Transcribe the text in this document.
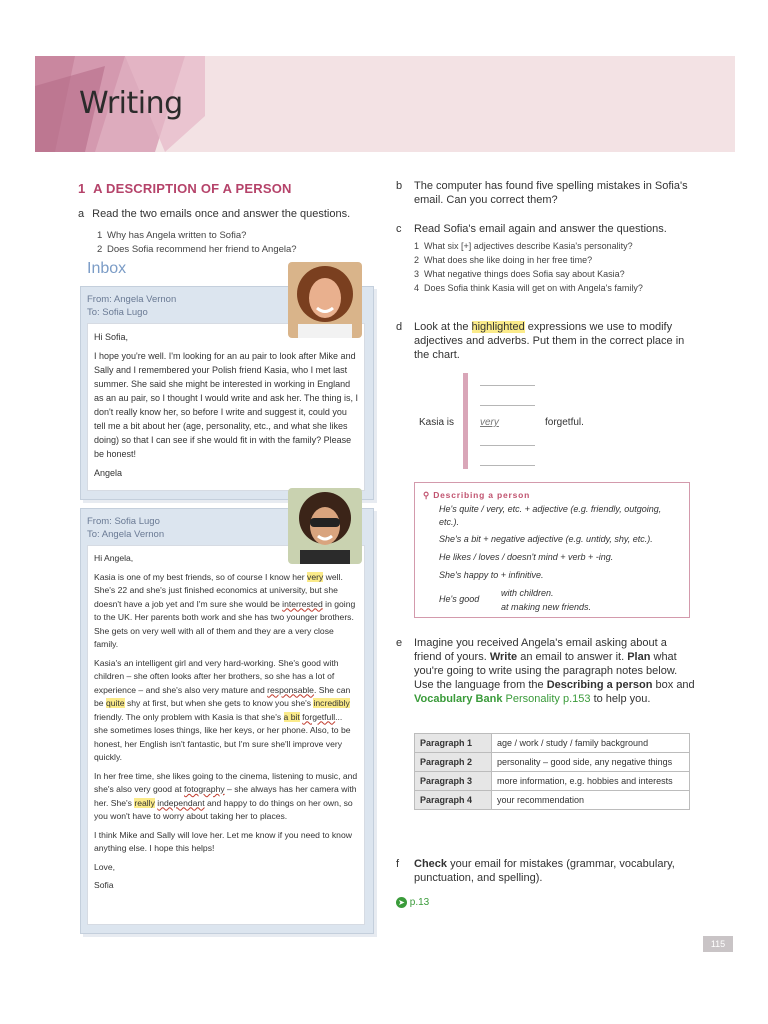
Writing
1 A DESCRIPTION OF A PERSON
a Read the two emails once and answer the questions.
1 Why has Angela written to Sofia?
2 Does Sofia recommend her friend to Angela?
Inbox
From: Angela Vernon
To: Sofia Lugo

Hi Sofia,

I hope you're well. I'm looking for an au pair to look after Mike and Sally and I remembered your Polish friend Kasia, who I met last summer. She said she might be interested in working in England as an au pair, so I thought I would write and ask her. The thing is, I don't really know her, so before I write and suggest it, could you tell me a bit about her (age, personality, etc., and what she likes doing) so that I can see if she would fit in with the family? Please be honest!

Angela

From: Sofia Lugo
To: Angela Vernon

Hi Angela,

Kasia is one of my best friends, so of course I know her very well. She's 22 and she's just finished economics at university, but she doesn't have a job yet and I'm sure she would be interrested in going to the UK. Her parents both work and she has two younger brothers. She gets on very well with all of them and they are a very close family.

Kasia's an intelligent girl and very hard-working. She's good with children – she often looks after her brothers, so she has a lot of experience – and she's also very mature and responsable. She can be quite shy at first, but when she gets to know you she's incredibly friendly. The only problem with Kasia is that she's a bit forgetfull... she sometimes loses things, like her keys, or her phone. Also, to be honest, her English isn't fantastic, but I'm sure she'll improve very quickly.

In her free time, she likes going to the cinema, listening to music, and she's also very good at fotography – she always has her camera with her. She's really independant and happy to do things on her own, so you won't have to worry about taking her to places.

I think Mike and Sally will love her. Let me know if you need to know anything else. I hope this helps!

Love,

Sofia

b The computer has found five spelling mistakes in Sofia's email. Can you correct them?
c Read Sofia's email again and answer the questions.
1 What six [+] adjectives describe Kasia's personality?
2 What does she like doing in her free time?
3 What negative things does Sofia say about Kasia?
4 Does Sofia think Kasia will get on with Angela's family?
d Look at the highlighted expressions we use to modify adjectives and adverbs. Put them in the correct place in the chart.
Kasia is	very	forgetful.
⚲ Describing a person
He's quite / very, etc. + adjective (e.g. friendly, outgoing, etc.).
She's a bit + negative adjective (e.g. untidy, shy, etc.).
He likes / loves / doesn't mind + verb + -ing.
She's happy to + infinitive.
He's good
with children.
at making new friends.
e Imagine you received Angela's email asking about a friend of yours. Write an email to answer it. Plan what you're going to write using the paragraph notes below. Use the language from the Describing a person box and Vocabulary Bank Personality p.153 to help you.
Paragraph 1	age / work / study / family background
Paragraph 2	personality – good side, any negative things
Paragraph 3	more information, e.g. hobbies and interests
Paragraph 4	your recommendation
f Check your email for mistakes (grammar, vocabulary, punctuation, and spelling).
➤ p.13
115
